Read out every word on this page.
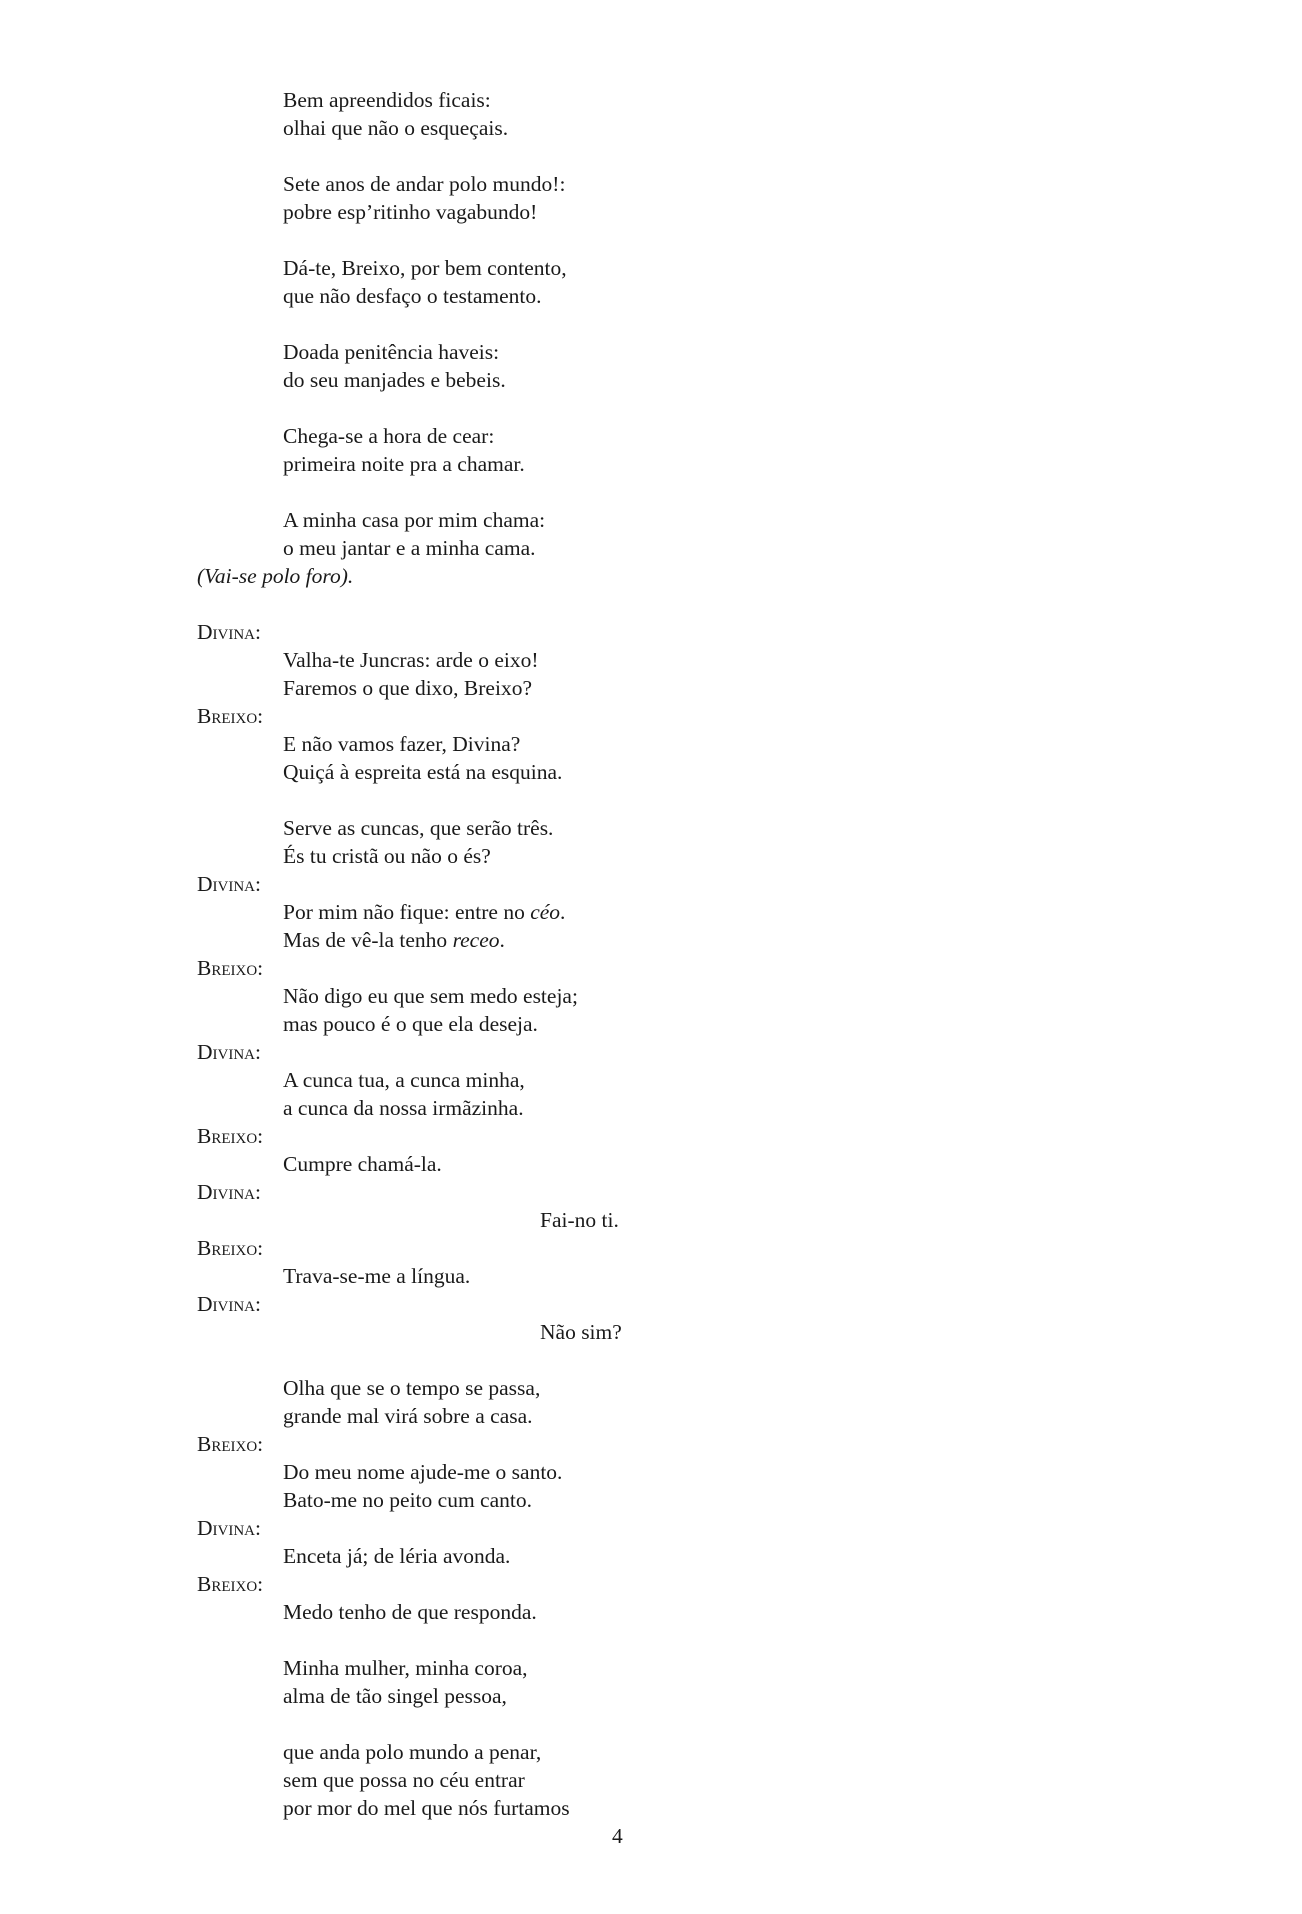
Bem apreendidos ficais:
olhai que não o esqueçais.
Sete anos de andar polo mundo!:
pobre esp’ritinho vagabundo!
Dá-te, Breixo, por bem contento,
que não desfaço o testamento.
Doada penitência haveis:
do seu manjades e bebeis.
Chega-se a hora de cear:
primeira noite pra a chamar.
A minha casa por mim chama:
o meu jantar e a minha cama.
(Vai-se polo foro).
Divina:
Valha-te Juncras: arde o eixo!
Faremos o que dixo, Breixo?
Breixo:
E não vamos fazer, Divina?
Quiçá à espreita está na esquina.
Serve as cuncas, que serão três.
És tu cristã ou não o és?
Divina:
Por mim não fique: entre no céo.
Mas de vê-la tenho receo.
Breixo:
Não digo eu que sem medo esteja;
mas pouco é o que ela deseja.
Divina:
A cunca tua, a cunca minha,
a cunca da nossa irmãzinha.
Breixo:
Cumpre chamá-la.
Divina:
Fai-no ti.
Breixo:
Trava-se-me a língua.
Divina:
Não sim?
Olha que se o tempo se passa,
grande mal virá sobre a casa.
Breixo:
Do meu nome ajude-me o santo.
Bato-me no peito cum canto.
Divina:
Enceta já; de léria avonda.
Breixo:
Medo tenho de que responda.
Minha mulher, minha coroa,
alma de tão singel pessoa,
que anda polo mundo a penar,
sem que possa no céu entrar
por mor do mel que nós furtamos
4
